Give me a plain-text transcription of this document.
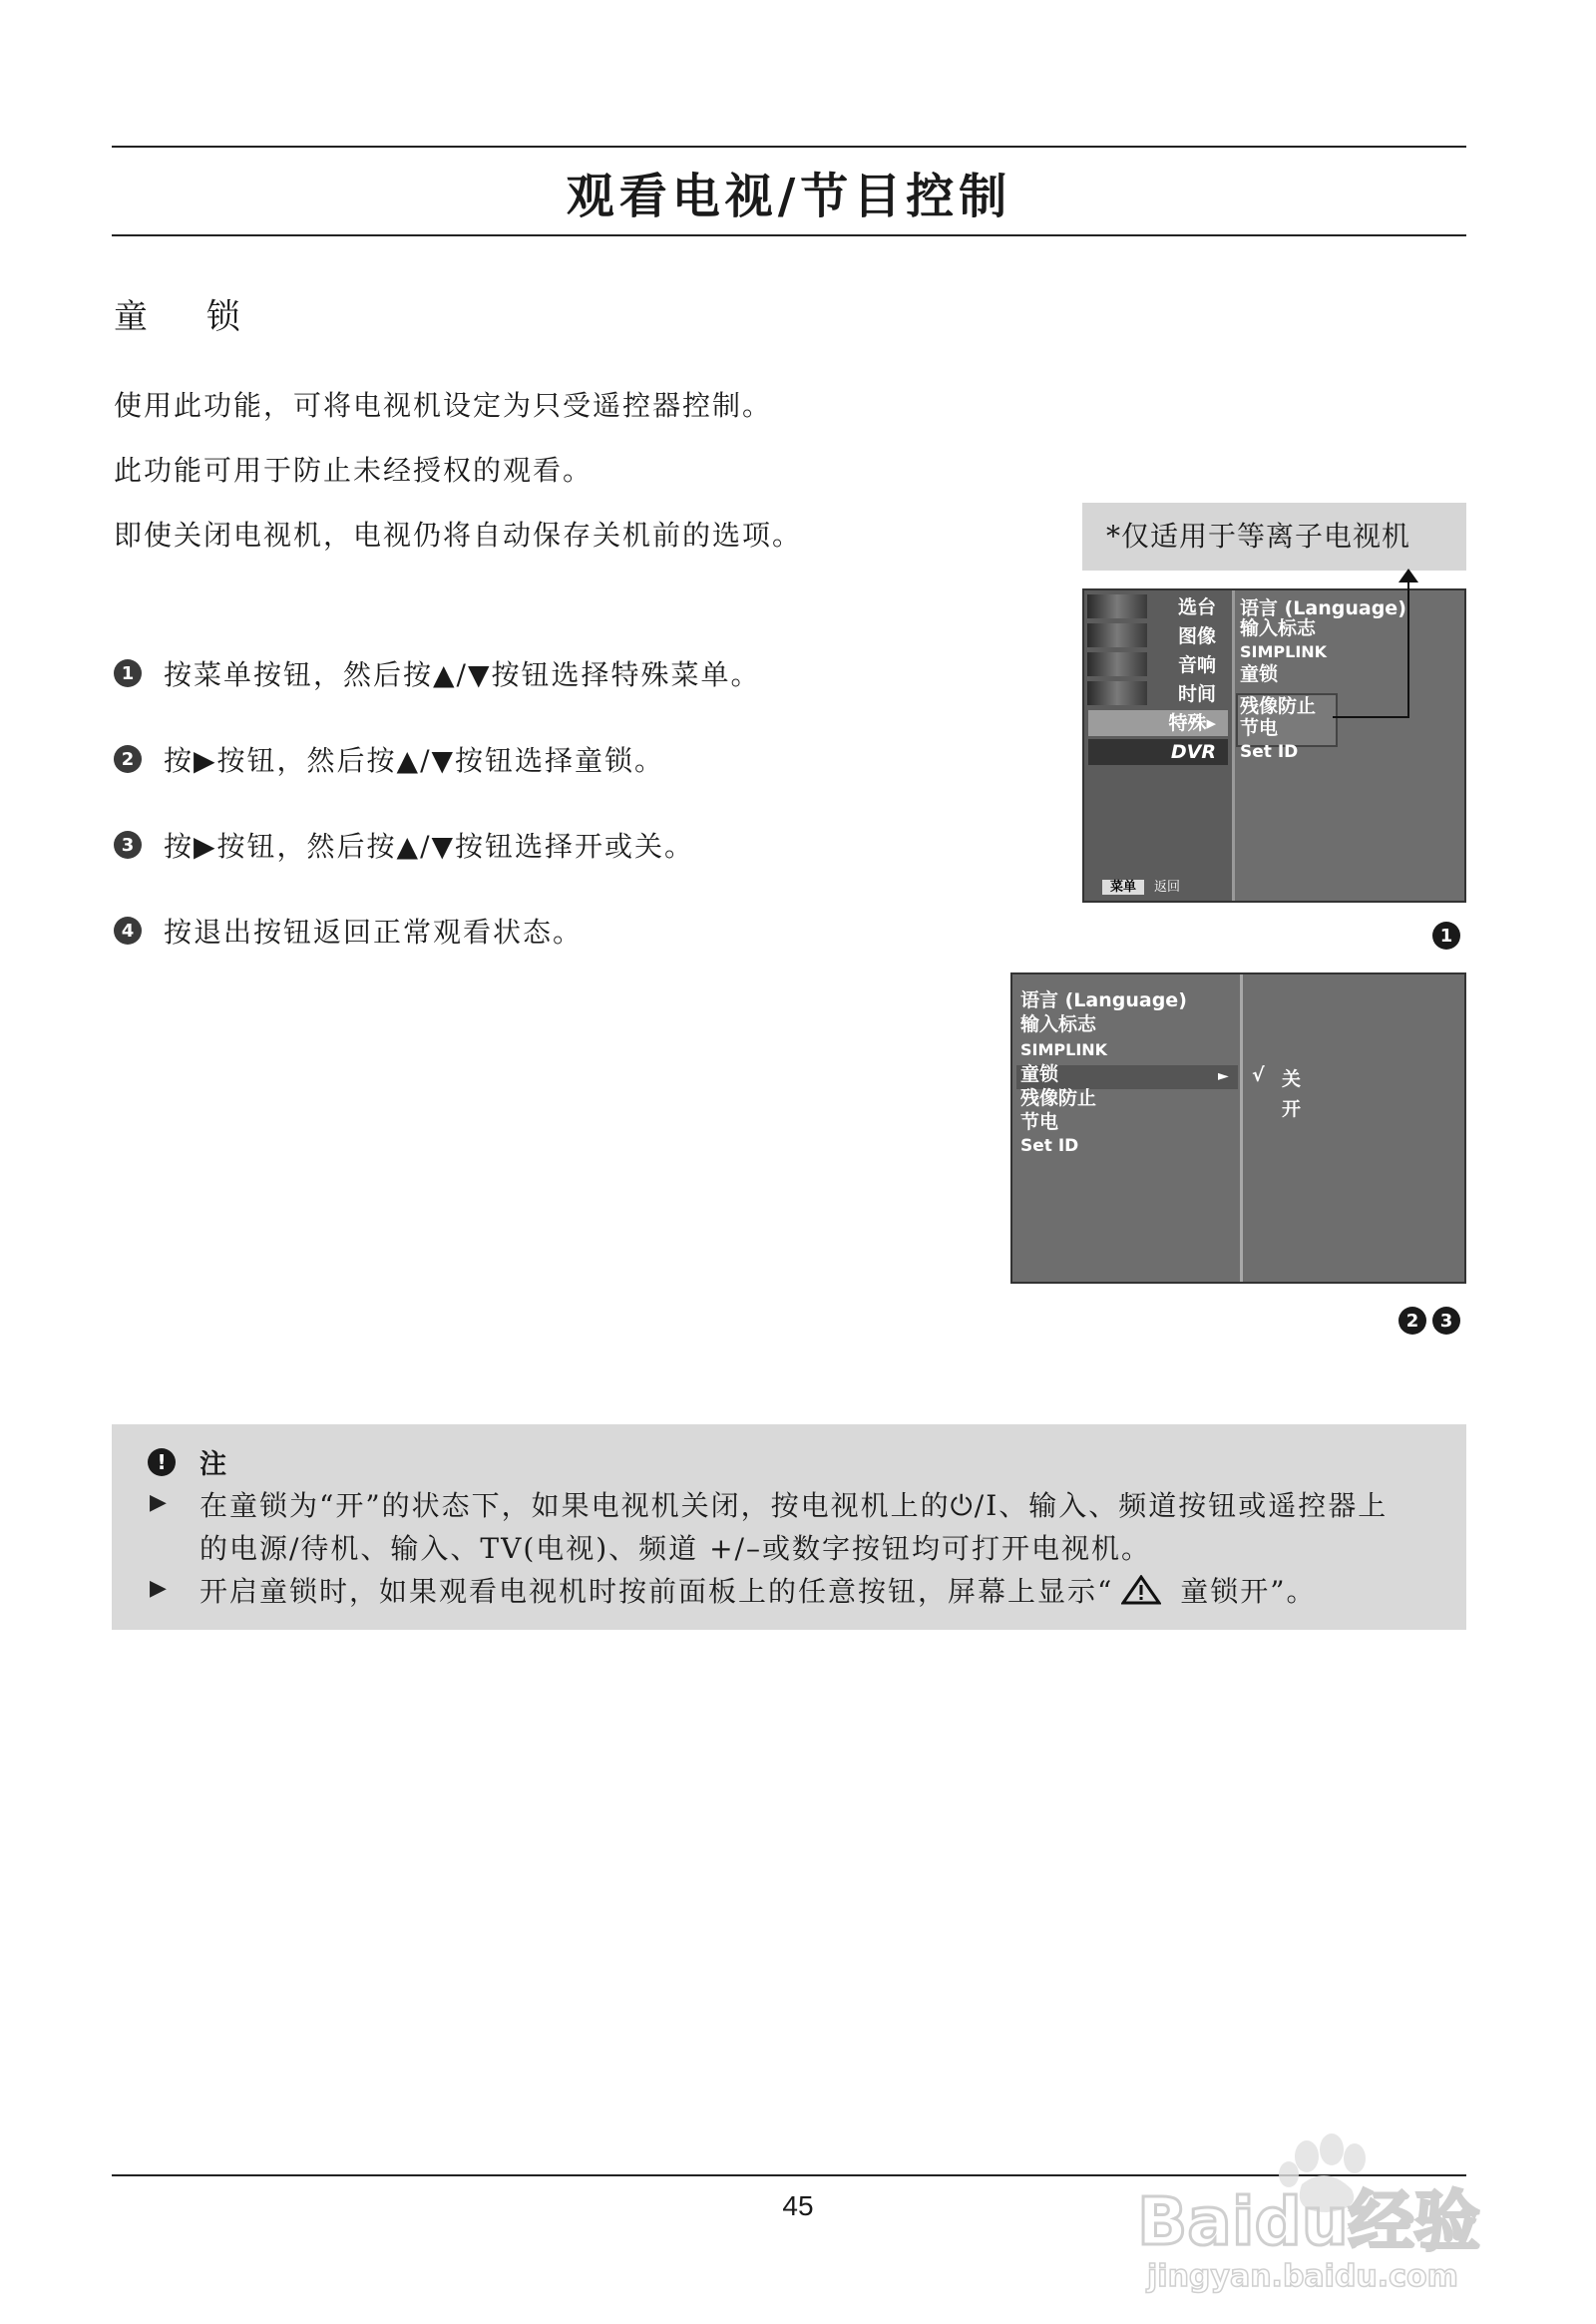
观看电视/节目控制
童 锁
使用此功能，可将电视机设定为只受遥控器控制。
此功能可用于防止未经授权的观看。
即使关闭电视机，电视仍将自动保存关机前的选项。
1 按菜单按钮，然后按▲/▼按钮选择特殊菜单。
2 按▶按钮，然后按▲/▼按钮选择童锁。
3 按▶按钮，然后按▲/▼按钮选择开或关。
4 按退出按钮返回正常观看状态。
*仅适用于等离子电视机
选台
图像
音响
时间
特殊▸
DVR
菜单 返回
语言 (Language)
输入标志
SIMPLINK
童锁
残像防止
节电
Set ID
1
►
语言 (Language)
输入标志
SIMPLINK
童锁
残像防止
节电
Set ID
√ 关
开
2	3
!	注
▶ 在童锁为“开”的状态下，如果电视机关闭，按电视机上的⏻/I、输入、频道按钮或遥控器上
的电源/待机、输入、TV(电视)、频道 +/–或数字按钮均可打开电视机。
▶ 开启童锁时，如果观看电视机时按前面板上的任意按钮，屏幕上显示“ 童锁开”。
45	Baidu经验
jingyan.baidu.com
